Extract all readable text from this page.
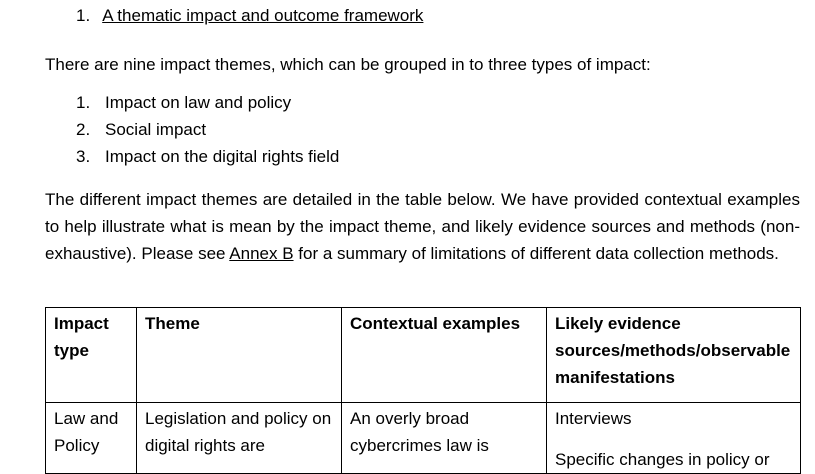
1. A thematic impact and outcome framework
There are nine impact themes, which can be grouped in to three types of impact:
1. Impact on law and policy
2. Social impact
3. Impact on the digital rights field
The different impact themes are detailed in the table below. We have provided contextual examples to help illustrate what is mean by the impact theme, and likely evidence sources and methods (non-exhaustive). Please see Annex B for a summary of limitations of different data collection methods.
Impact type	Theme	Contextual examples	Likely evidence sources/methods/observable manifestations
Law and Policy	Legislation and policy on digital rights are	An overly broad cybercrimes law is	Interviews
Specific changes in policy or
